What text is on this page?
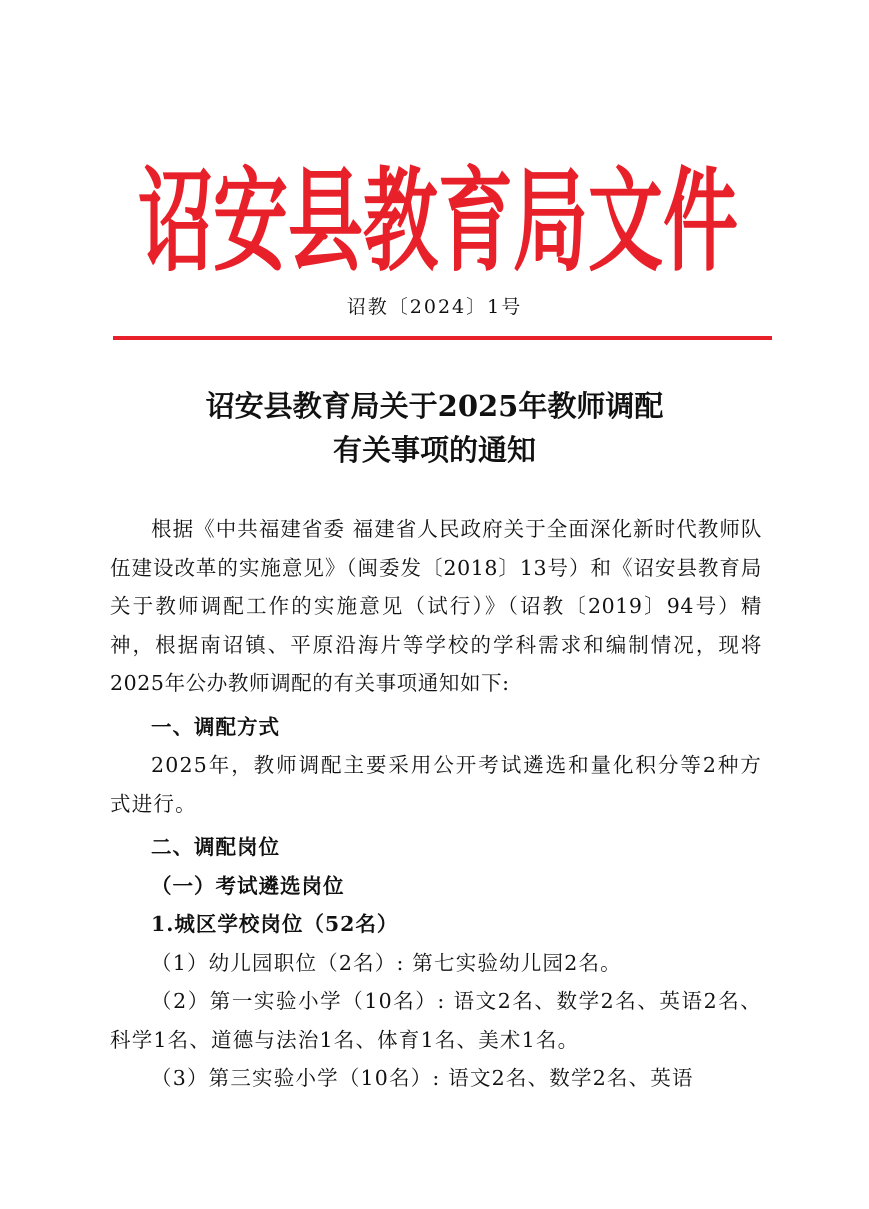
诏安县教育局文件
诏教〔2024〕1号
诏安县教育局关于2025年教师调配
有关事项的通知

根据《中共福建省委 福建省人民政府关于全面深化新时代教师队伍建设改革的实施意见》（闽委发〔2018〕13号）和《诏安县教育局关于教师调配工作的实施意见（试行）》（诏教〔2019〕94号）精神，根据南诏镇、平原沿海片等学校的学科需求和编制情况，现将2025年公办教师调配的有关事项通知如下:

一、调配方式

2025年，教师调配主要采用公开考试遴选和量化积分等2种方式进行。

二、调配岗位

（一）考试遴选岗位

1.城区学校岗位（52名）

（1）幼儿园职位（2名）: 第七实验幼儿园2名。

（2）第一实验小学（10名）: 语文2名、数学2名、英语2名、科学1名、道德与法治1名、体育1名、美术1名。

（3）第三实验小学（10名）: 语文2名、数学2名、英语
